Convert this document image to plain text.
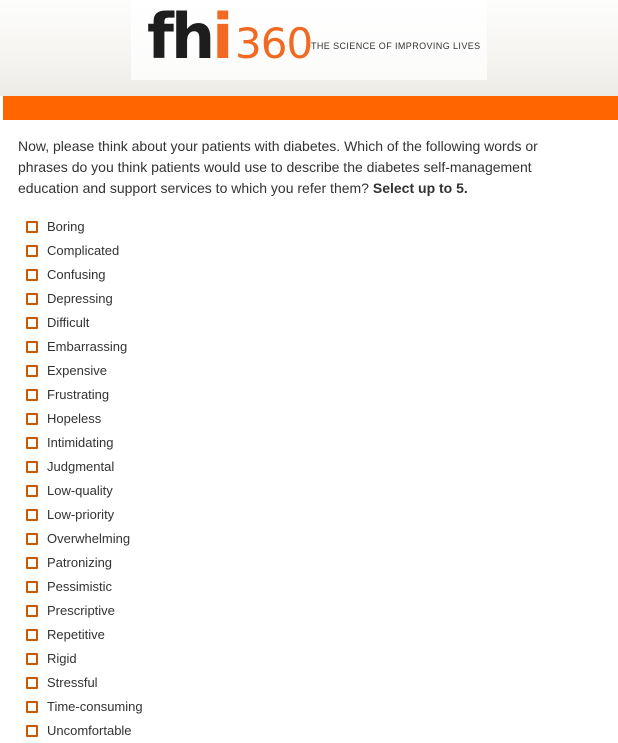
fhi 360
THE SCIENCE OF IMPROVING LIVES
Now, please think about your patients with diabetes. Which of the following words or phrases do you think patients would use to describe the diabetes self-management education and support services to which you refer them? Select up to 5.
Boring
Complicated
Confusing
Depressing
Difficult
Embarrassing
Expensive
Frustrating
Hopeless
Intimidating
Judgmental
Low-quality
Low-priority
Overwhelming
Patronizing
Pessimistic
Prescriptive
Repetitive
Rigid
Stressful
Time-consuming
Uncomfortable
